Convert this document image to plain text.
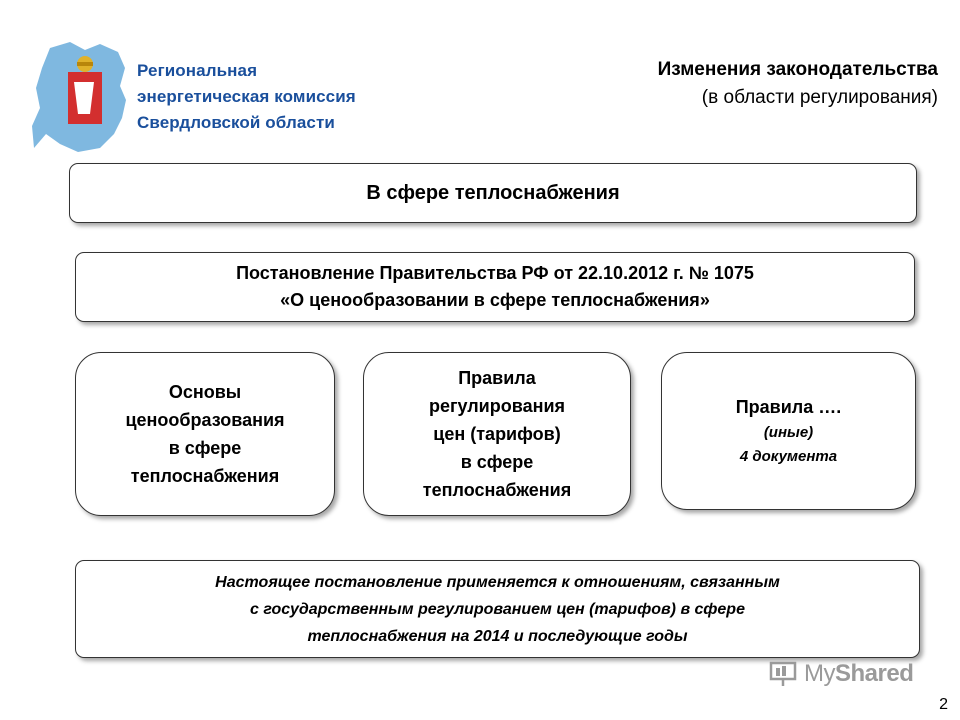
Региональная
энергетическая комиссия
Свердловской области
Изменения законодательства
(в области регулирования)
В сфере теплоснабжения
Постановление Правительства РФ от 22.10.2012 г. № 1075
«О ценообразовании в сфере теплоснабжения»
Основы
ценообразования
в сфере
теплоснабжения
Правила
регулирования
цен (тарифов)
в сфере
теплоснабжения
Правила ….
(иные)
4 документа
Настоящее постановление применяется к отношениям, связанным
с государственным регулированием цен (тарифов) в сфере
теплоснабжения на 2014 и последующие годы
MyShared
2
